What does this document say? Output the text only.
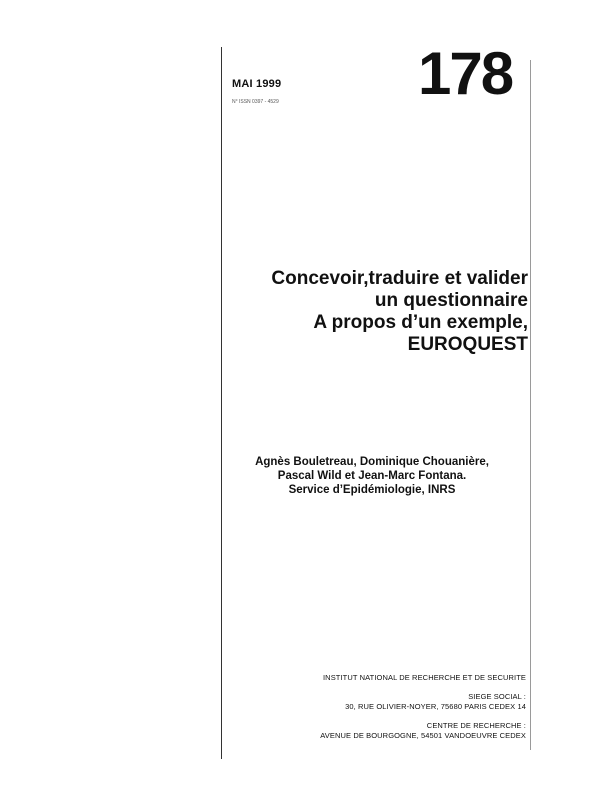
MAI 1999
N° ISSN 0397 - 4529 178
Concevoir,traduire et valider
un questionnaire
A propos d’un exemple,
EUROQUEST
Agnès Bouletreau, Dominique Chouanière,
Pascal Wild et Jean-Marc Fontana.
Service d’Epidémiologie, INRS
INSTITUT NATIONAL DE RECHERCHE ET DE SECURITE
SIEGE SOCIAL :
30, RUE OLIVIER-NOYER, 75680 PARIS CEDEX 14
CENTRE DE RECHERCHE :
AVENUE DE BOURGOGNE, 54501 VANDOEUVRE CEDEX
